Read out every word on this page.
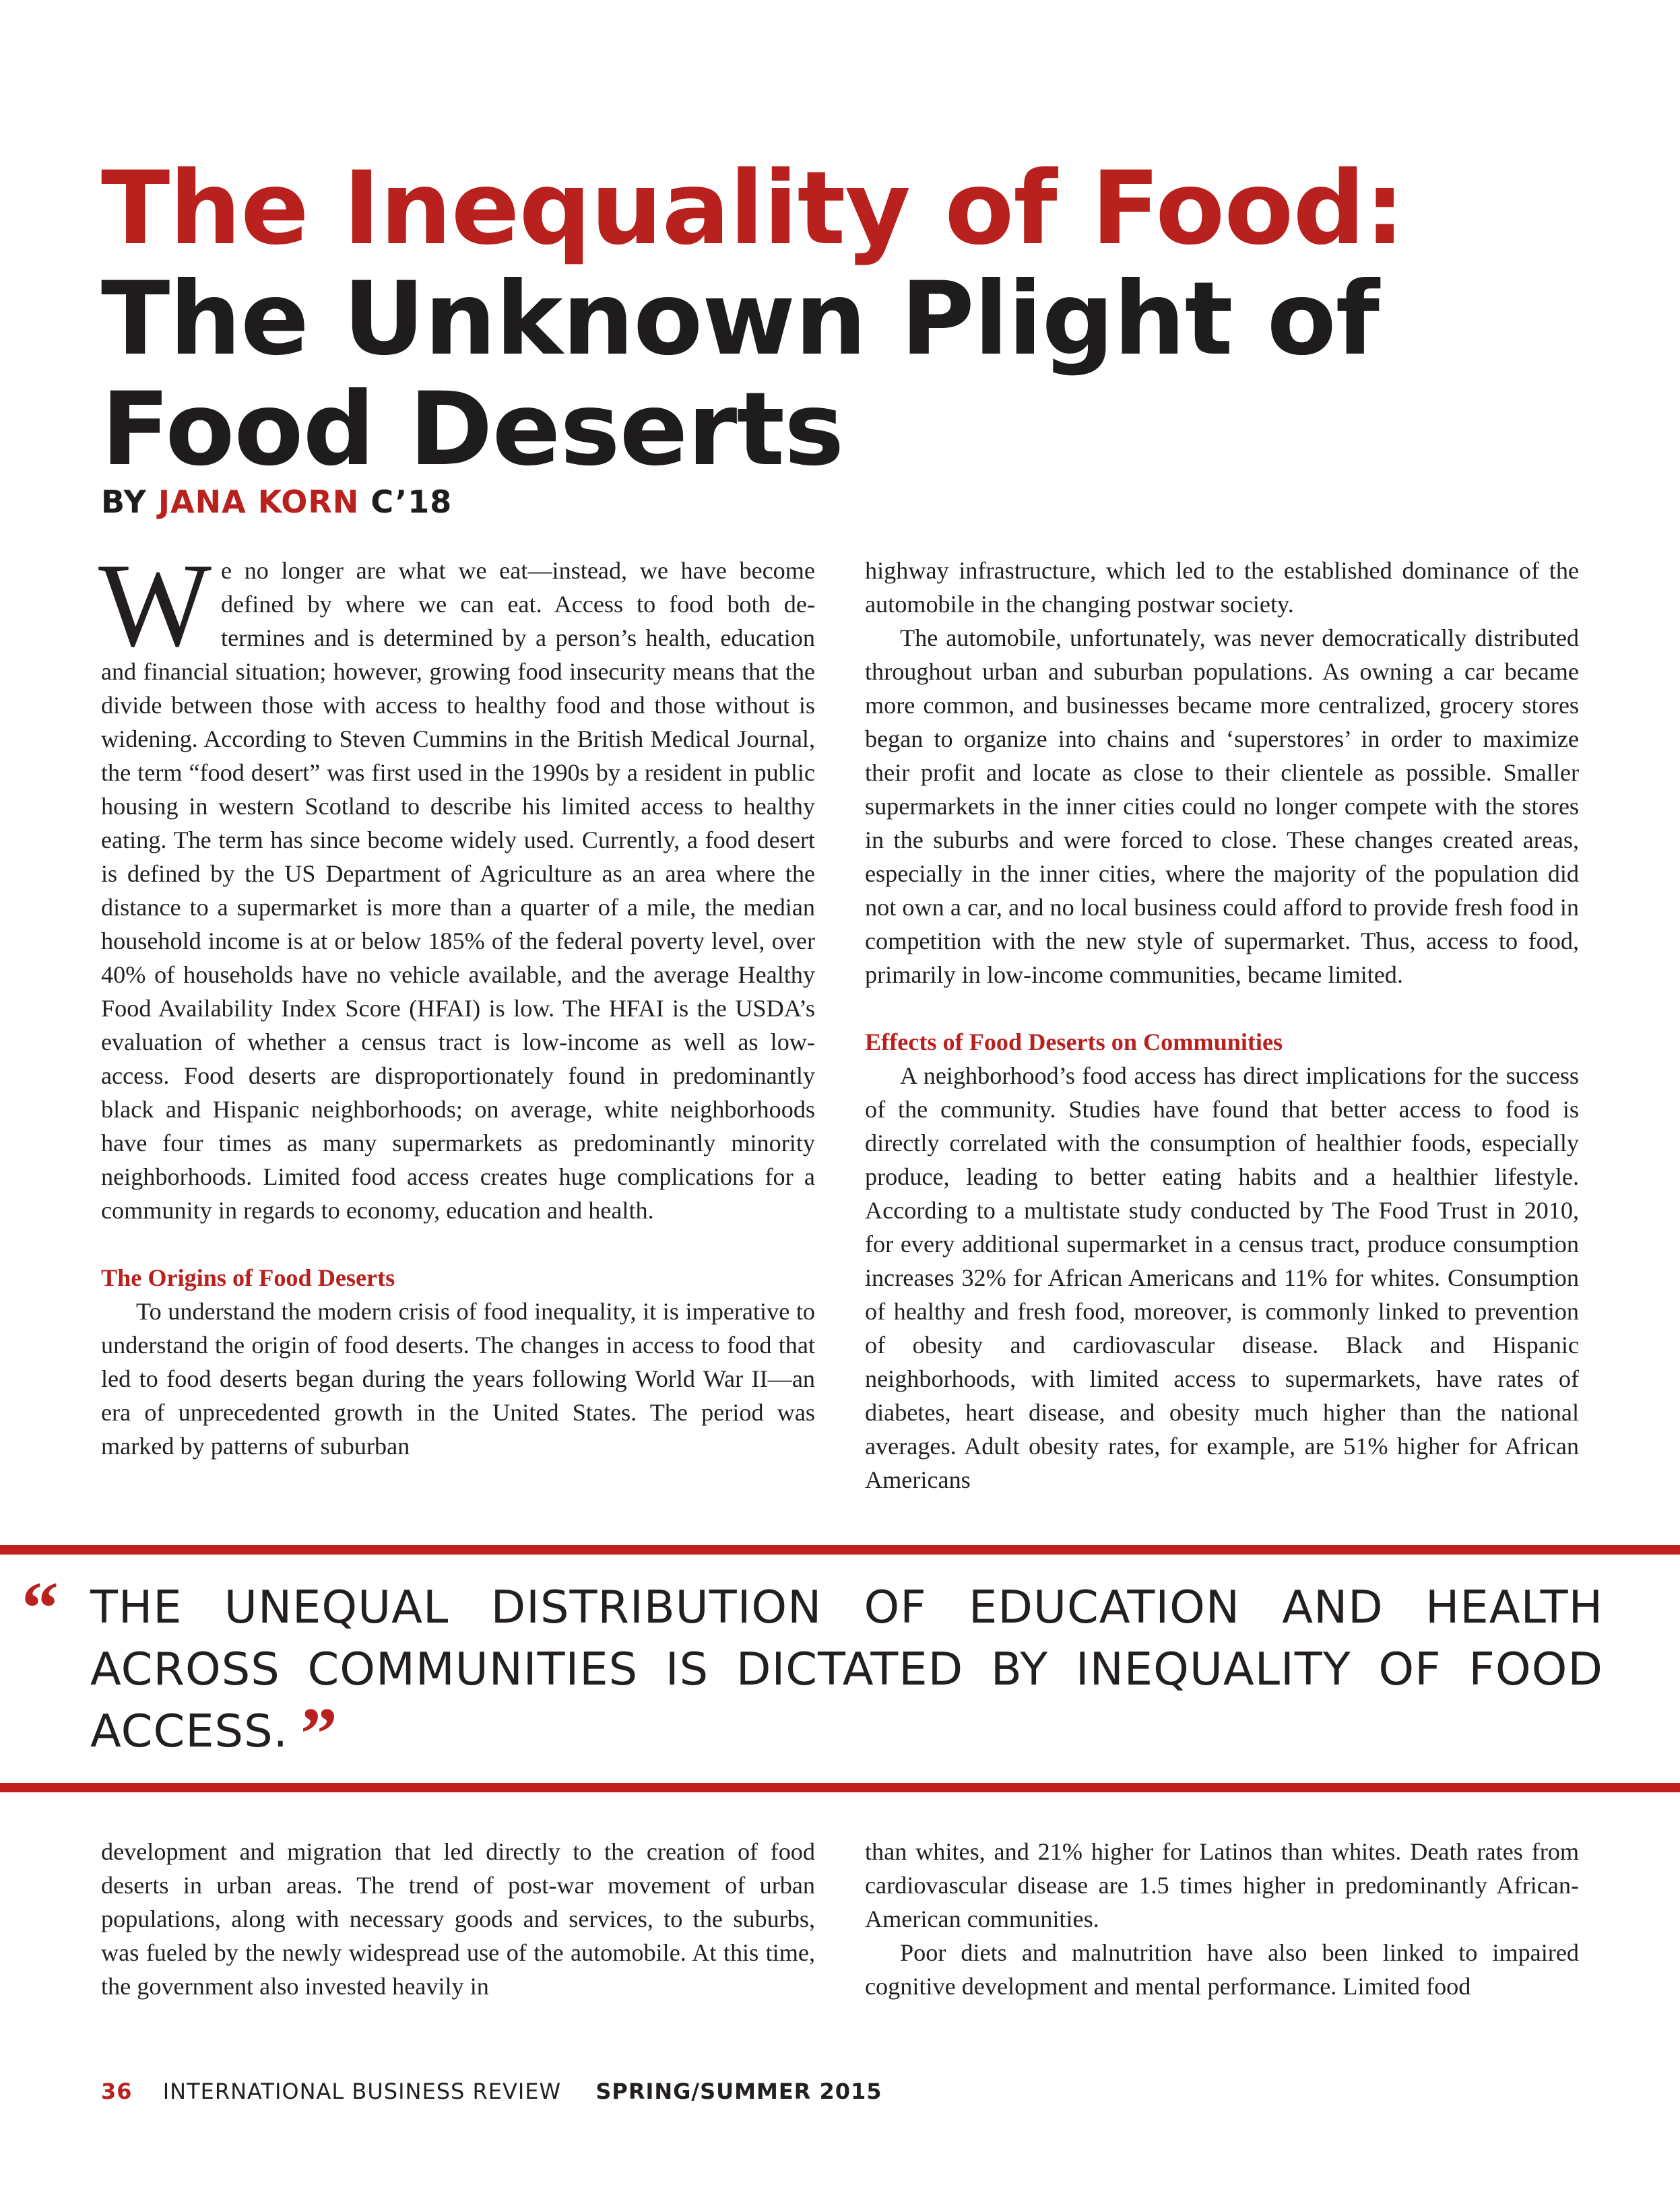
The Inequality of Food:
The Unknown Plight of
Food Deserts
BY JANA KORN C’18

We no longer are what we eat—instead, we have become defined by where we can eat. Access to food both determines and is determined by a person’s health, education and financial situation; however, growing food insecurity means that the divide between those with access to healthy food and those without is widening. According to Steven Cummins in the British Medical Journal, the term “food desert” was first used in the 1990s by a resident in public housing in western Scotland to describe his limited access to healthy eating. The term has since become widely used. Currently, a food desert is defined by the US Department of Agriculture as an area where the distance to a supermarket is more than a quarter of a mile, the median household income is at or below 185% of the federal poverty level, over 40% of households have no vehicle available, and the average Healthy Food Availability Index Score (HFAI) is low. The HFAI is the USDA’s evaluation of whether a census tract is low-income as well as low-access. Food deserts are disproportionately found in predominantly black and Hispanic neighborhoods; on average, white neighborhoods have four times as many supermarkets as predominantly minority neighborhoods. Limited food access creates huge complications for a community in regards to economy, education and health.

The Origins of Food Deserts

To understand the modern crisis of food inequality, it is imperative to understand the origin of food deserts. The changes in access to food that led to food deserts began during the years following World War II—an era of unprecedented growth in the United States. The period was marked by patterns of suburban

highway infrastructure, which led to the established dominance of the automobile in the changing postwar society.

The automobile, unfortunately, was never democratically distributed throughout urban and suburban populations. As owning a car became more common, and businesses became more centralized, grocery stores began to organize into chains and ‘superstores’ in order to maximize their profit and locate as close to their clientele as possible. Smaller supermarkets in the inner cities could no longer compete with the stores in the suburbs and were forced to close. These changes created areas, especially in the inner cities, where the majority of the population did not own a car, and no local business could afford to provide fresh food in competition with the new style of supermarket. Thus, access to food, primarily in low-income communities, became limited.

Effects of Food Deserts on Communities

A neighborhood’s food access has direct implications for the success of the community. Studies have found that better access to food is directly correlated with the consumption of healthier foods, especially produce, leading to better eating habits and a healthier lifestyle. According to a multistate study conducted by The Food Trust in 2010, for every additional supermarket in a census tract, produce consumption increases 32% for African Americans and 11% for whites. Consumption of healthy and fresh food, moreover, is commonly linked to prevention of obesity and cardiovascular disease. Black and Hispanic neighborhoods, with limited access to supermarkets, have rates of diabetes, heart disease, and obesity much higher than the national averages. Adult obesity rates, for example, are 51% higher for African Americans

“ THE UNEQUAL DISTRIBUTION OF EDUCATION AND HEALTH ACROSS COMMUNITIES IS DICTATED BY INEQUALITY OF FOOD ACCESS. ”

development and migration that led directly to the creation of food deserts in urban areas. The trend of post-war movement of urban populations, along with necessary goods and services, to the suburbs, was fueled by the newly widespread use of the automobile. At this time, the government also invested heavily in

than whites, and 21% higher for Latinos than whites. Death rates from cardiovascular disease are 1.5 times higher in predominantly African-American communities.

Poor diets and malnutrition have also been linked to impaired cognitive development and mental performance. Limited food

36 INTERNATIONAL BUSINESS REVIEW SPRING/SUMMER 2015
